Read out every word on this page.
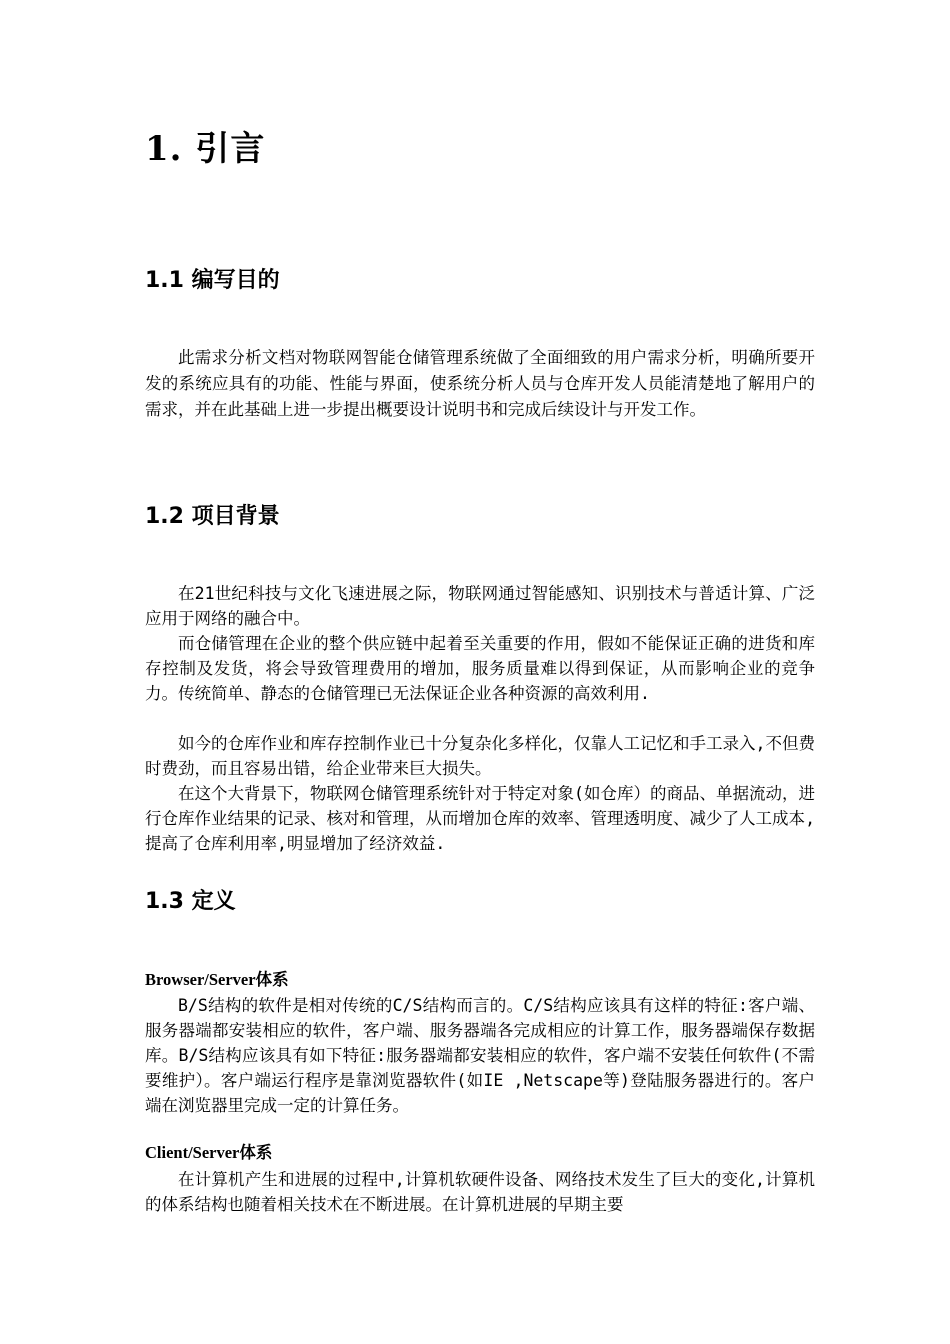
1. 引言
1.1 编写目的

此需求分析文档对物联网智能仓储管理系统做了全面细致的用户需求分析，明确所要开发的系统应具有的功能、性能与界面，使系统分析人员与仓库开发人员能清楚地了解用户的需求，并在此基础上进一步提出概要设计说明书和完成后续设计与开发工作。

1.2 项目背景

在21世纪科技与文化飞速进展之际，物联网通过智能感知、识别技术与普适计算、广泛应用于网络的融合中。

而仓储管理在企业的整个供应链中起着至关重要的作用，假如不能保证正确的进货和库存控制及发货，将会导致管理费用的增加，服务质量难以得到保证，从而影响企业的竞争力。传统简单、静态的仓储管理已无法保证企业各种资源的高效利用.

如今的仓库作业和库存控制作业已十分复杂化多样化，仅靠人工记忆和手工录入,不但费时费劲，而且容易出错，给企业带来巨大损失。

在这个大背景下，物联网仓储管理系统针对于特定对象(如仓库）的商品、单据流动，进行仓库作业结果的记录、核对和管理，从而增加仓库的效率、管理透明度、减少了人工成本,提高了仓库利用率,明显增加了经济效益.

1.3 定义

Browser/Server体系

B/S结构的软件是相对传统的C/S结构而言的。C/S结构应该具有这样的特征:客户端、服务器端都安装相应的软件，客户端、服务器端各完成相应的计算工作，服务器端保存数据库。B/S结构应该具有如下特征:服务器端都安装相应的软件，客户端不安装任何软件(不需要维护）。客户端运行程序是靠浏览器软件(如IE ,Netscape等)登陆服务器进行的。客户端在浏览器里完成一定的计算任务。

Client/Server体系

在计算机产生和进展的过程中,计算机软硬件设备、网络技术发生了巨大的变化,计算机的体系结构也随着相关技术在不断进展。在计算机进展的早期主要
